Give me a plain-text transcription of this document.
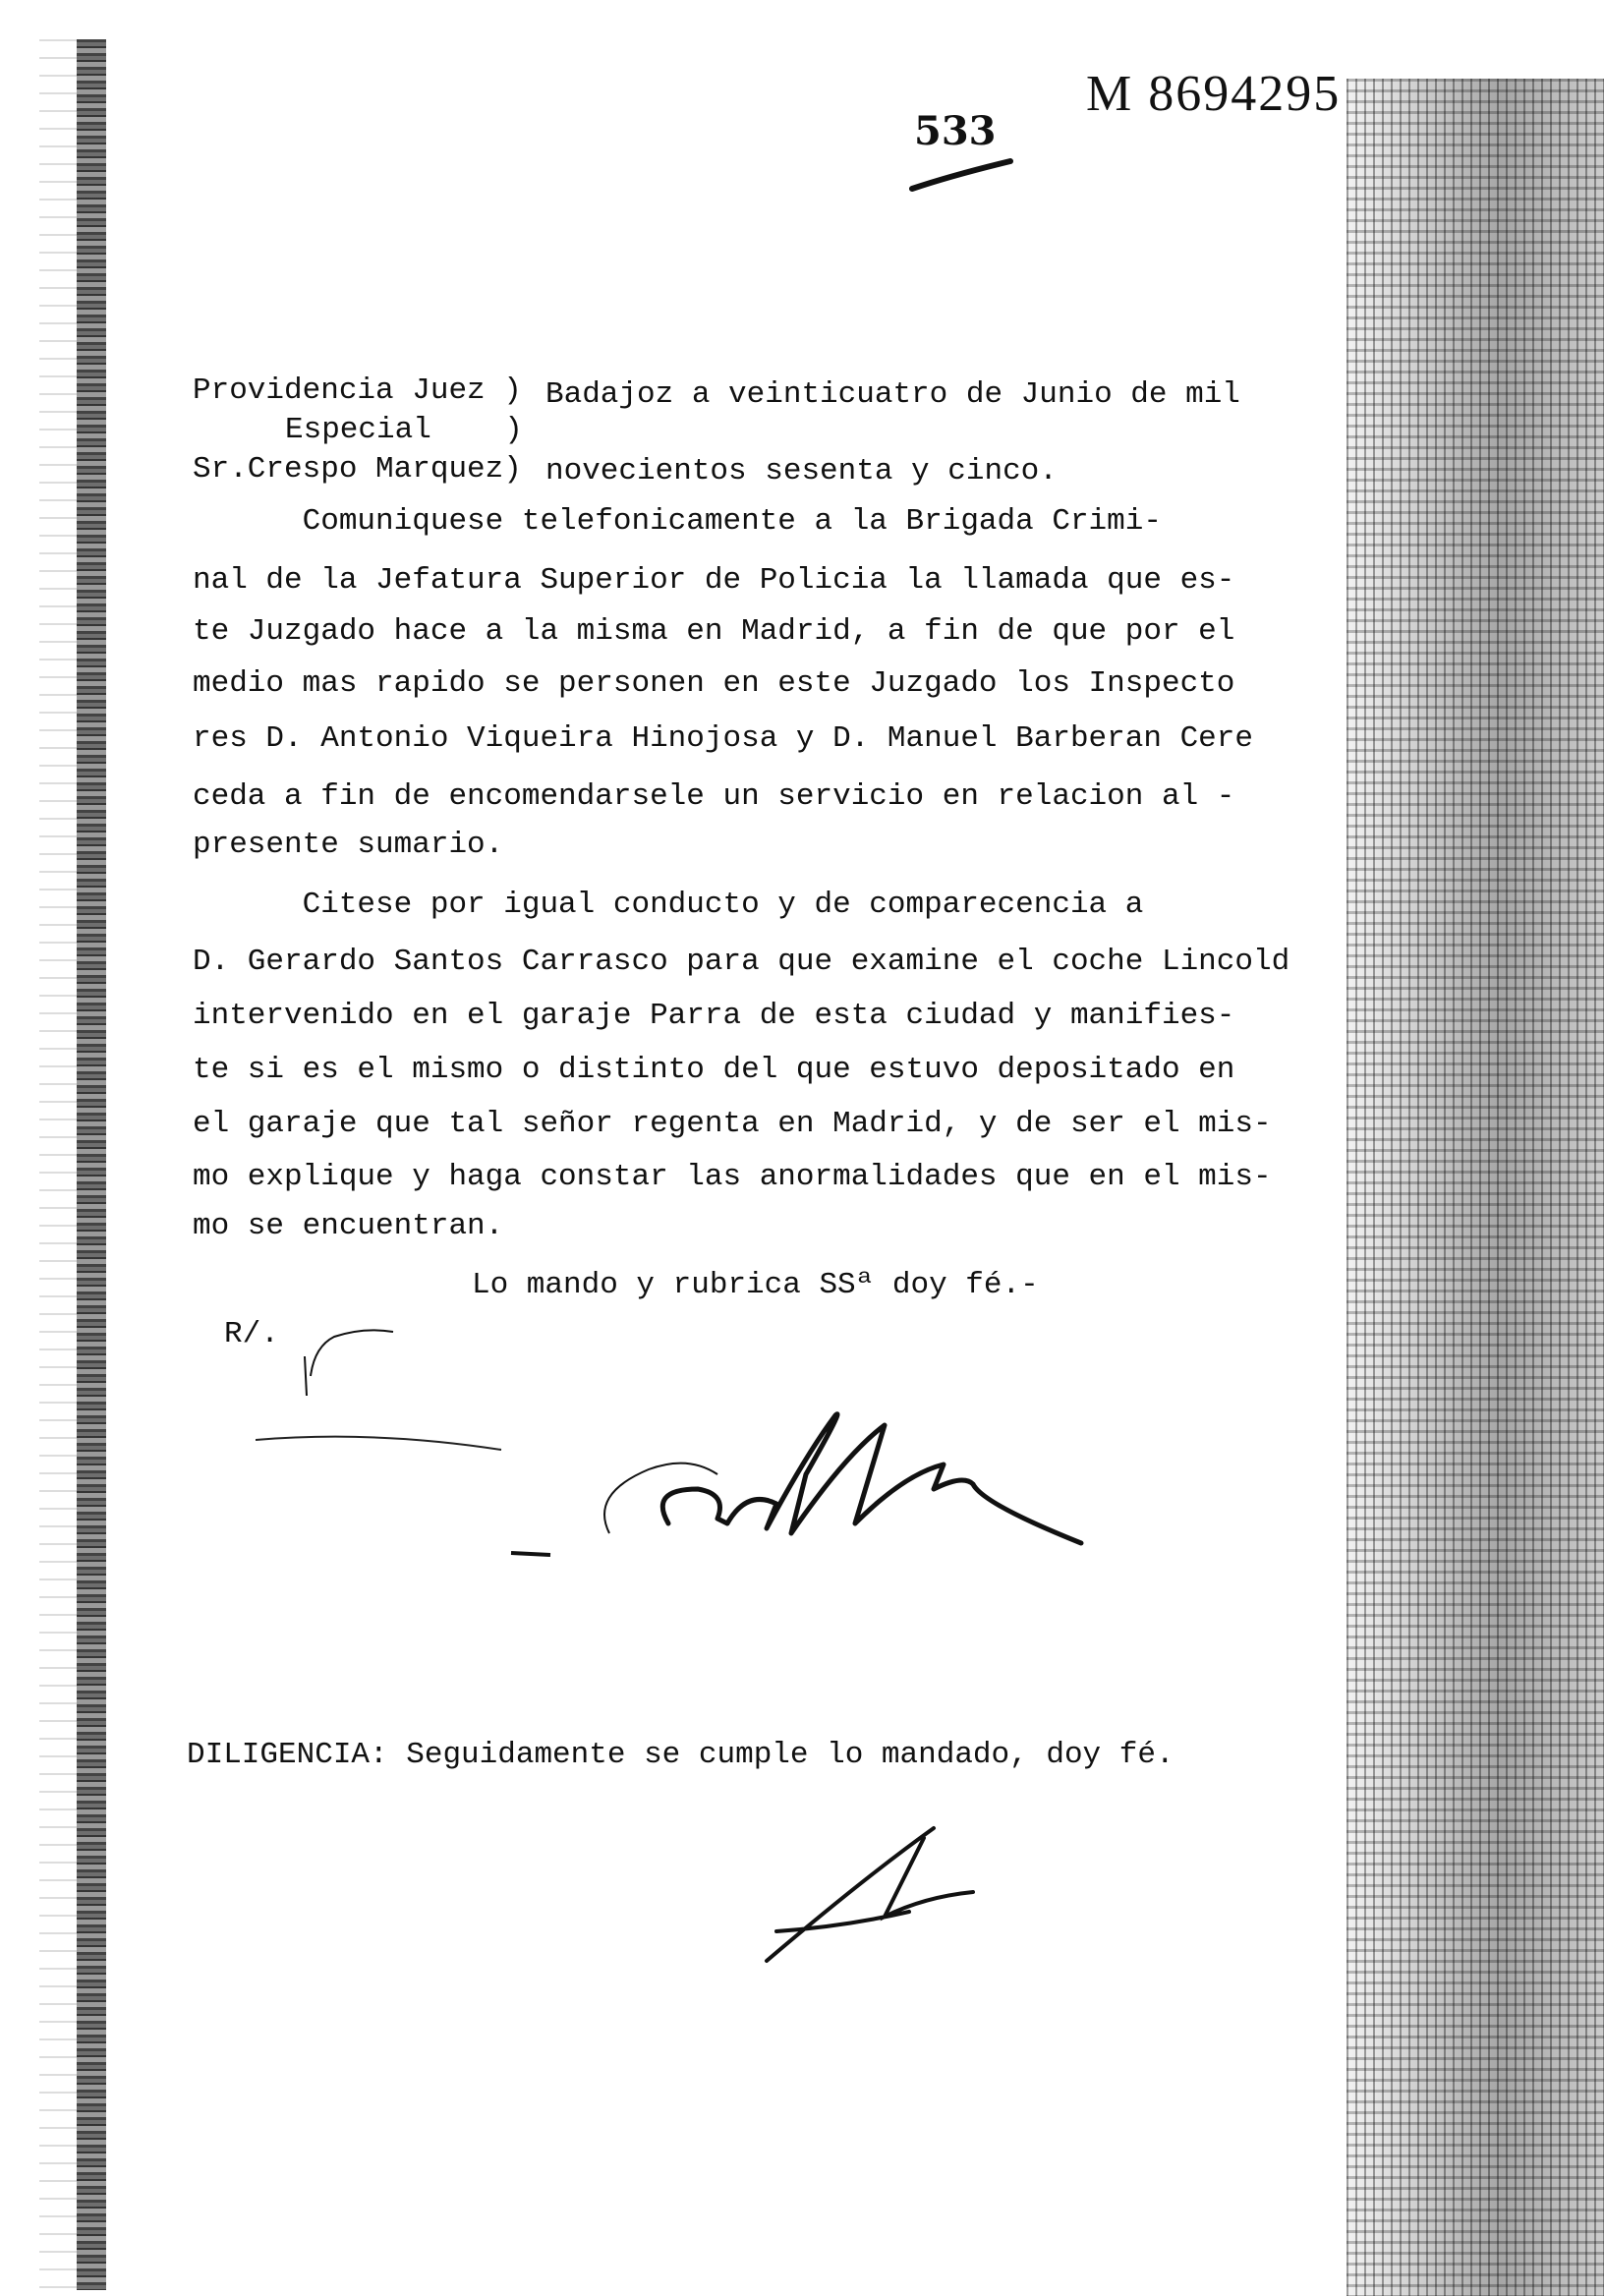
M 8694295
533
Providencia Juez )
Especial    )
Sr.Crespo Marquez)
Badajoz a veinticuatro de Junio de mil
novecientos sesenta y cinco.
Comuniquese telefonicamente a la Brigada Crimi-
nal de la Jefatura Superior de Policia la llamada que es-
te Juzgado hace a la misma en Madrid, a fin de que por el
medio mas rapido se personen en este Juzgado los Inspecto
res D. Antonio Viqueira Hinojosa y D. Manuel Barberan Cere
ceda a fin de encomendarsele un servicio en relacion al -
presente sumario.
Citese por igual conducto y de comparecencia a
D. Gerardo Santos Carrasco para que examine el coche Lincold
intervenido en el garaje Parra de esta ciudad y manifies-
te si es el mismo o distinto del que estuvo depositado en
el garaje que tal señor regenta en Madrid, y de ser el mis-
mo explique y haga constar las anormalidades que en el mis-
mo se encuentran.
Lo mando y rubrica SSª doy fé.-
R/.
DILIGENCIA: Seguidamente se cumple lo mandado, doy fé.
